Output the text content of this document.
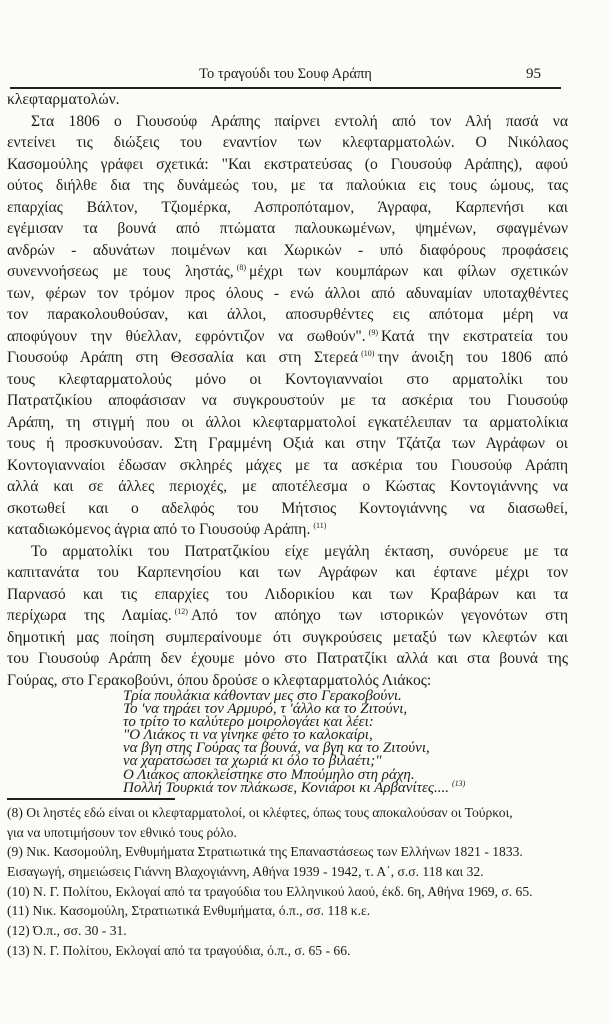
Το τραγούδι του Σουφ Αράπη	95
κλεφταρματολών.
Στα 1806 ο Γιουσούφ Αράπης παίρνει εντολή από τον Αλή πασά να
εντείνει τις διώξεις του εναντίον των κλεφταρματολών. Ο Νικόλαος
Κασομούλης γράφει σχετικά: "Και εκστρατεύσας (ο Γιουσούφ Αράπης), αφού
ούτος διήλθε δια της δυνάμεώς του, με τα παλούκια εις τους ώμους, τας
επαρχίας Βάλτον, Τζιομέρκα, Ασπροπόταμον, Άγραφα, Καρπενήσι και
εγέμισαν τα βουνά από πτώματα παλουκωμένων, ψημένων, σφαγμένων
ανδρών - αδυνάτων ποιμένων και Χωρικών - υπό διαφόρους προφάσεις
συνεννοήσεως με τους ληστάς, $^{(8)}$ μέχρι των κουμπάρων και φίλων σχετικών
των, φέρων τον τρόμον προς όλους - ενώ άλλοι από αδυναμίαν υποταχθέντες
τον παρακολουθούσαν, και άλλοι, αποσυρθέντες εις απότομα μέρη να
αποφύγουν την θύελλαν, εφρόντιζον να σωθούν". $^{(9)}$ Κατά την εκστρατεία του
Γιουσούφ Αράπη στη Θεσσαλία και στη Στερεά $^{(10)}$ την άνοιξη του 1806 από
τους κλεφταρματολούς μόνο οι Κοντογιανναίοι στο αρματολίκι του
Πατρατζικίου αποφάσισαν να συγκρουστούν με τα ασκέρια του Γιουσούφ
Αράπη, τη στιγμή που οι άλλοι κλεφταρματολοί εγκατέλειπαν τα αρματολίκια
τους ή προσκυνούσαν. Στη Γραμμένη Οξιά και στην Τζάτζα των Αγράφων οι
Κοντογιανναίοι έδωσαν σκληρές μάχες με τα ασκέρια του Γιουσούφ Αράπη
αλλά και σε άλλες περιοχές, με αποτέλεσμα ο Κώστας Κοντογιάννης να
σκοτωθεί και ο αδελφός του Μήτσιος Κοντογιάννης να διασωθεί,
καταδιωκόμενος άγρια από το Γιουσούφ Αράπη. $^{(11)}$
Το αρματολίκι του Πατρατζικίου είχε μεγάλη έκταση, συνόρευε με τα
καπιτανάτα του Καρπενησίου και των Αγράφων και έφτανε μέχρι τον
Παρνασό και τις επαρχίες του Λιδορικίου και των Κραβάρων και τα
περίχωρα της Λαμίας. $^{(12)}$ Από τον απόηχο των ιστορικών γεγονότων στη
δημοτική μας ποίηση συμπεραίνουμε ότι συγκρούσεις μεταξύ των κλεφτών και
του Γιουσούφ Αράπη δεν έχουμε μόνο στο Πατρατζίκι αλλά και στα βουνά της
Γούρας, στο Γερακοβούνι, όπου δρούσε ο κλεφταρματολός Λιάκος:
Τρία πουλάκια κάθονταν μες στο Γερακοβούνι.
Το 'να τηράει τον Αρμυρό, τ 'άλλο κα το Ζιτούνι,
το τρίτο το καλύτερο μοιρολογάει και λέει:
"Ο Λιάκος τι να γίνηκε φέτο το καλοκαίρι,
να βγη στης Γούρας τα βουνά, να βγη κα το Ζιτούνι,
να χαρατσώσει τα χωριά κι όλο το βιλαέτι;"
Ο Λιάκος αποκλείστηκε στο Μπούμηλο στη ράχη.
Πολλή Τουρκιά τον πλάκωσε, Κονιάροι κι Αρβανίτες.... $^{(13)}$
(8) Οι ληστές εδώ είναι οι κλεφταρματολοί, οι κλέφτες, όπως τους αποκαλούσαν οι Τούρκοι,
για να υποτιμήσουν τον εθνικό τους ρόλο.
(9) Νικ. Κασομούλη, Ενθυμήματα Στρατιωτικά της Επαναστάσεως των Ελλήνων 1821 - 1833.
Εισαγωγή, σημειώσεις Γιάννη Βλαχογιάννη, Αθήνα 1939 - 1942, τ. Α΄, σ.σ. 118 και 32.
(10) Ν. Γ. Πολίτου, Εκλογαί από τα τραγούδια του Ελληνικού λαού, έκδ. 6η, Αθήνα 1969, σ. 65.
(11) Νικ. Κασομούλη, Στρατιωτικά Ενθυμήματα, ό.π., σσ. 118 κ.ε.
(12) Ό.π., σσ. 30 - 31.
(13) Ν. Γ. Πολίτου, Εκλογαί από τα τραγούδια, ό.π., σ. 65 - 66.
